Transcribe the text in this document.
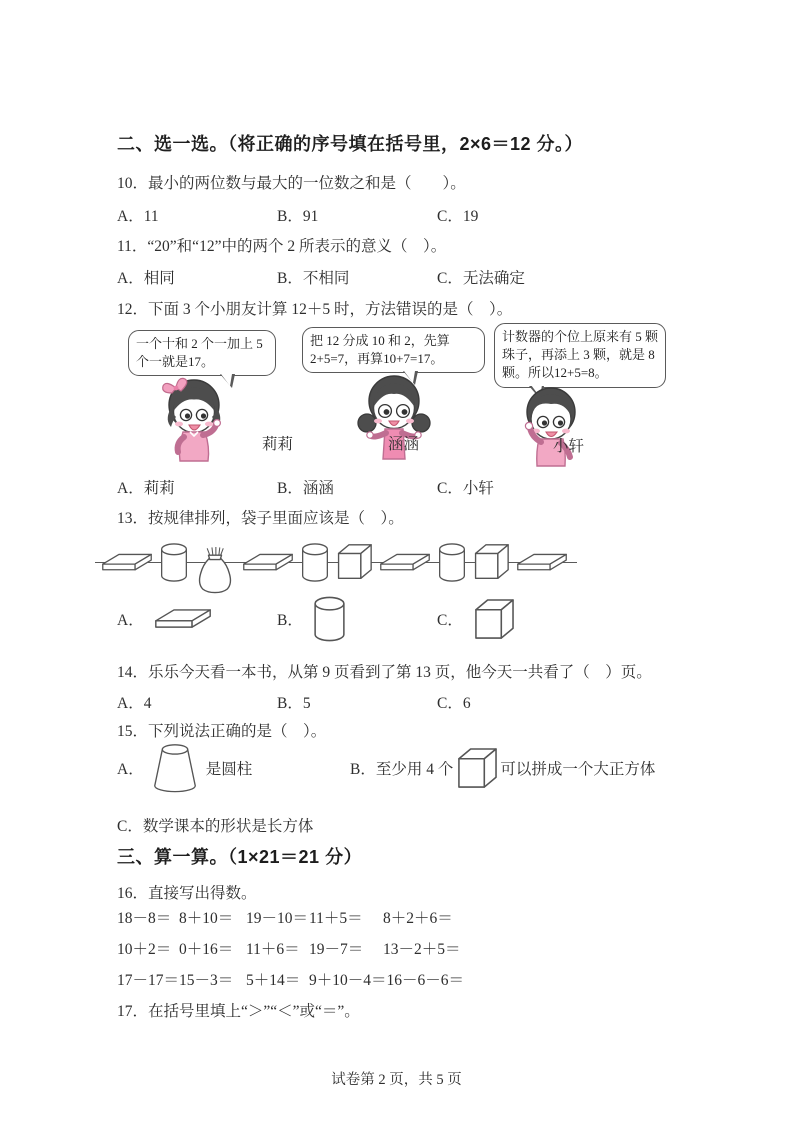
二、选一选。（将正确的序号填在括号里，2×6＝12 分。）
10．最小的两位数与最大的一位数之和是（　　）。
A．11	B．91	C．19
11．“20”和“12”中的两个 2 所表示的意义（　）。
A．相同	B．不相同	C．无法确定
12．下面 3 个小朋友计算 12＋5 时，方法错误的是（　）。
一个十和 2 个一加上 5 个一就是17。
把 12 分成 10 和 2，先算 2+5=7，再算10+7=17。
计数器的个位上原来有 5 颗珠子，再添上 3 颗，就是 8 颗。所以12+5=8。
莉莉	涵涵	小轩
A．莉莉	B．涵涵	C．小轩
13．按规律排列，袋子里面应该是（　）。
A．	B．	C．
14．乐乐今天看一本书，从第 9 页看到了第 13 页，他今天一共看了（　）页。
A．4	B．5	C．6
15．下列说法正确的是（　）。
A．	是圆柱	B．至少用 4 个	可以拼成一个大正方体
C．数学课本的形状是长方体
三、算一算。（1×21＝21 分）
16．直接写出得数。
18－8＝ 8＋10＝ 19－10＝ 11＋5＝	8＋2＋6＝
10＋2＝ 0＋16＝ 11＋6＝ 19－7＝	13－2＋5＝
17－17＝ 15－3＝ 5＋14＝ 9＋10－4＝ 16－6－6＝
17．在括号里填上“＞”“＜”或“＝”。
试卷第 2 页，共 5 页
